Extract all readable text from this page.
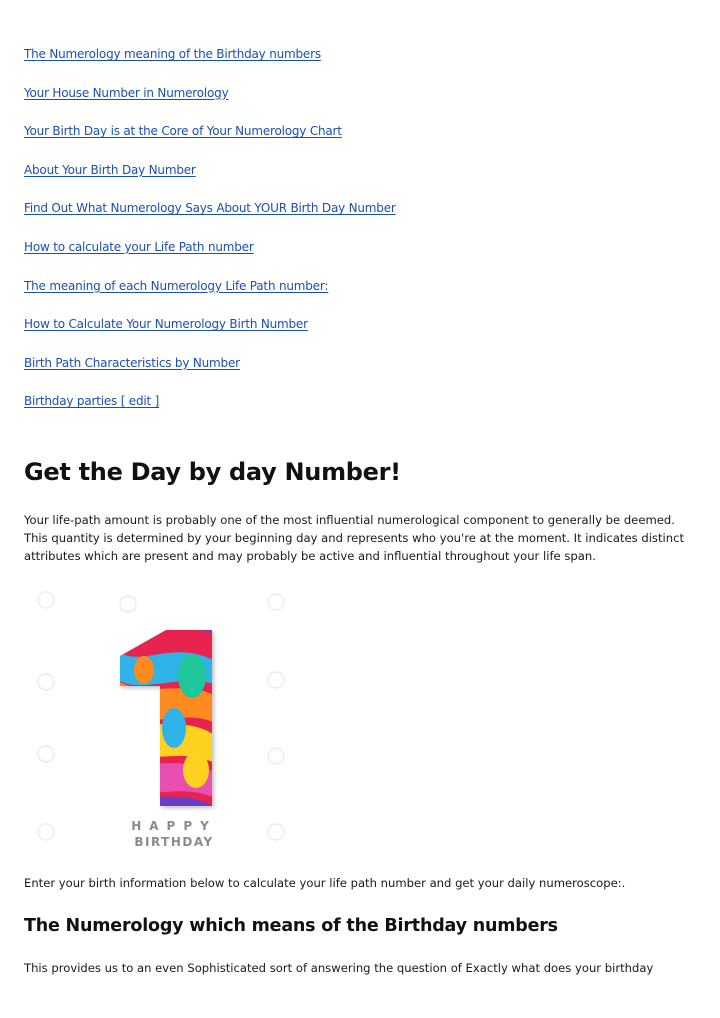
The Numerology meaning of the Birthday numbers
Your House Number in Numerology
Your Birth Day is at the Core of Your Numerology Chart
About Your Birth Day Number
Find Out What Numerology Says About YOUR Birth Day Number
How to calculate your Life Path number
The meaning of each Numerology Life Path number:
How to Calculate Your Numerology Birth Number
Birth Path Characteristics by Number
Birthday parties [ edit ]
Get the Day by day Number!

Your life-path amount is probably one of the most influential numerological component to generally be deemed. This quantity is determined by your beginning day and represents who you're at the moment. It indicates distinct attributes which are present and may probably be active and influential throughout your life span.

HAPPY
BIRTHDAY

Enter your birth information below to calculate your life path number and get your daily numeroscope:.

The Numerology which means of the Birthday numbers

This provides us to an even Sophisticated sort of answering the question of Exactly what does your birthday
